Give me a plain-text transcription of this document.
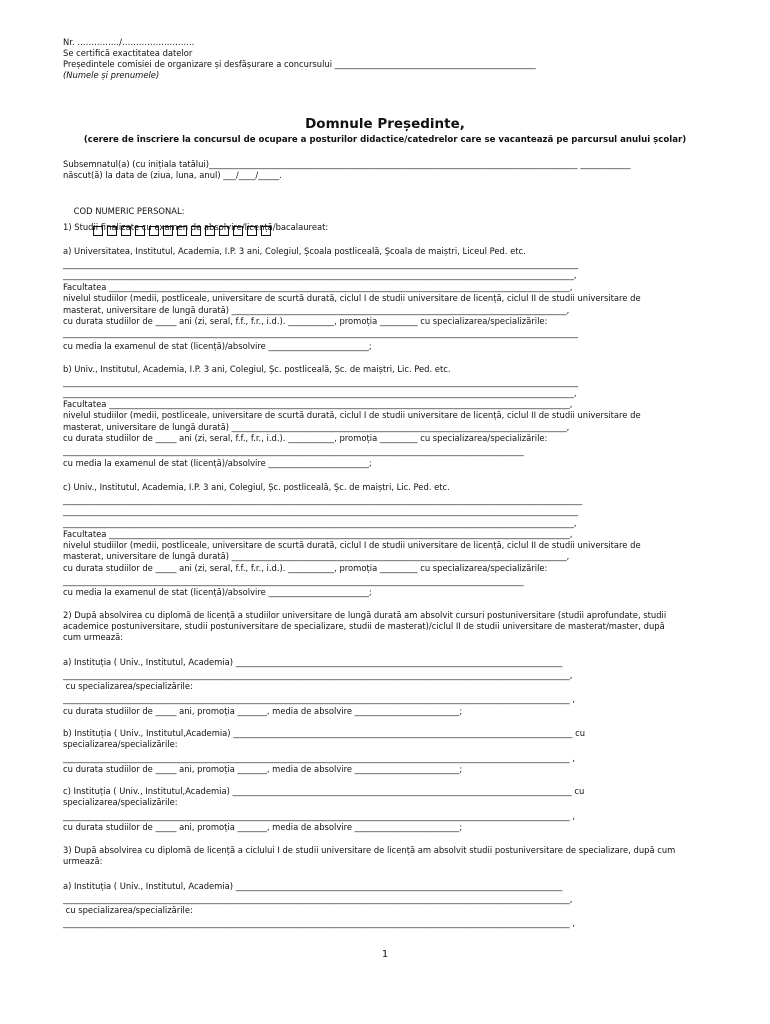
Nr. ……………/……………………..
Se certifică exactitatea datelor
Președintele comisiei de organizare și desfășurare a concursului ________________________________________________
(Numele și prenumele)
Domnule Președinte,
(cerere de înscriere la concursul de ocupare a posturilor didactice/catedrelor care se vacantează pe parcursul anului școlar)
Subsemnatul(a) (cu inițiala tatălui)________________________________________________________________________________________ ____________
născut(ă) la data de (ziua, luna, anul) ___/____/_____.

COD NUMERIC PERSONAL:

1) Studii finalizate cu examen de absolvire/licență/bacalaureat:
a) Universitatea, Institutul, Academia, I.P. 3 ani, Colegiul, Școala postliceală, Școala de maiștri, Liceul Ped. etc.
___________________________________________________________________________________________________________________________
__________________________________________________________________________________________________________________________,
Facultatea ______________________________________________________________________________________________________________,
nivelul studiilor (medii, postliceale, universitare de scurtă durată, ciclul I de studii universitare de licență, ciclul II de studii universitare de
masterat, universitare de lungă durată) ________________________________________________________________________________,
cu durata studiilor de _____ ani (zi, seral, f.f., f.r., i.d.). ___________, promoția _________ cu specializarea/specializările:
___________________________________________________________________________________________________________________________
cu media la examenul de stat (licență)/absolvire ________________________;
b) Univ., Institutul, Academia, I.P. 3 ani, Colegiul, Șc. postliceală, Șc. de maiștri, Lic. Ped. etc.
___________________________________________________________________________________________________________________________
__________________________________________________________________________________________________________________________,
Facultatea ______________________________________________________________________________________________________________,
nivelul studiilor (medii, postliceale, universitare de scurtă durată, ciclul I de studii universitare de licență, ciclul II de studii universitare de
masterat, universitare de lungă durată) ________________________________________________________________________________,
cu durata studiilor de _____ ani (zi, seral, f.f., f.r., i.d.). ___________, promoția _________ cu specializarea/specializările:
______________________________________________________________________________________________________________
cu media la examenul de stat (licență)/absolvire ________________________;
c) Univ., Institutul, Academia, I.P. 3 ani, Colegiul, Șc. postliceală, Șc. de maiștri, Lic. Ped. etc.
____________________________________________________________________________________________________________________________
___________________________________________________________________________________________________________________________
__________________________________________________________________________________________________________________________,
Facultatea ______________________________________________________________________________________________________________,
nivelul studiilor (medii, postliceale, universitare de scurtă durată, ciclul I de studii universitare de licență, ciclul II de studii universitare de
masterat, universitare de lungă durată) ________________________________________________________________________________,
cu durata studiilor de _____ ani (zi, seral, f.f., f.r., i.d.). ___________, promoția _________ cu specializarea/specializările:
______________________________________________________________________________________________________________
cu media la examenul de stat (licență)/absolvire ________________________;
2) După absolvirea cu diplomă de licență a studiilor universitare de lungă durată am absolvit cursuri postuniversitare (studii aprofundate, studii
academice postuniversitare, studii postuniversitare de specializare, studii de masterat)/ciclul II de studii universitare de masterat/master, după
cum urmează:
a) Instituția ( Univ., Institutul, Academia) ______________________________________________________________________________
_________________________________________________________________________________________________________________________,
cu specializarea/specializările:
_________________________________________________________________________________________________________________________ ,
cu durata studiilor de _____ ani, promoția _______, media de absolvire _________________________;
b) Instituția ( Univ., Institutul,Academia) _________________________________________________________________________________ cu
specializarea/specializările:
_________________________________________________________________________________________________________________________ ,
cu durata studiilor de _____ ani, promoția _______, media de absolvire _________________________;
c) Instituția ( Univ., Institutul,Academia) _________________________________________________________________________________ cu
specializarea/specializările:
_________________________________________________________________________________________________________________________ ,
cu durata studiilor de _____ ani, promoția _______, media de absolvire _________________________;
3) După absolvirea cu diplomă de licență a ciclului I de studii universitare de licență am absolvit studii postuniversitare de specializare, după cum
urmează:
a) Instituția ( Univ., Institutul, Academia) ______________________________________________________________________________
_________________________________________________________________________________________________________________________,
cu specializarea/specializările:
_________________________________________________________________________________________________________________________ ,
1
